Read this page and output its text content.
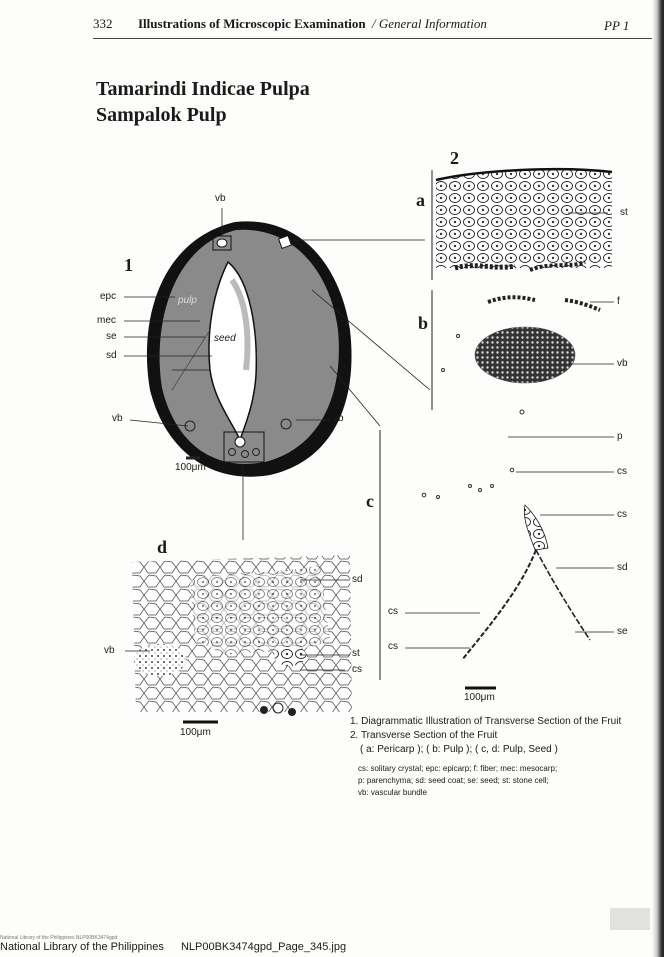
332 Illustrations of Microscopic Examination / General Information	PP 1
Tamarindi Indicae Pulpa
Sampalok Pulp
1
vb
epc
mec
se
sd
vb	vb
pulp
seed
100μm
2
a
st
b
f
vb
c
p
cs
cs
sd
se
cs
cs
100μm
d
sd
vb	st
cs
100μm
1. Diagrammatic Illustration of Transverse Section of the Fruit
2. Transverse Section of the Fruit
( a: Pericarp ); ( b: Pulp ); ( c, d: Pulp, Seed )
cs: solitary crystal; epc: epicarp; f: fiber; mec: mesocarp;
p: parenchyma; sd: seed coat; se: seed; st: stone cell;
vb: vascular bundle
National Library of the Philippines NLP00BK3474gpd
National Library of the Philippines NLP00BK3474gpd_Page_345.jpg
